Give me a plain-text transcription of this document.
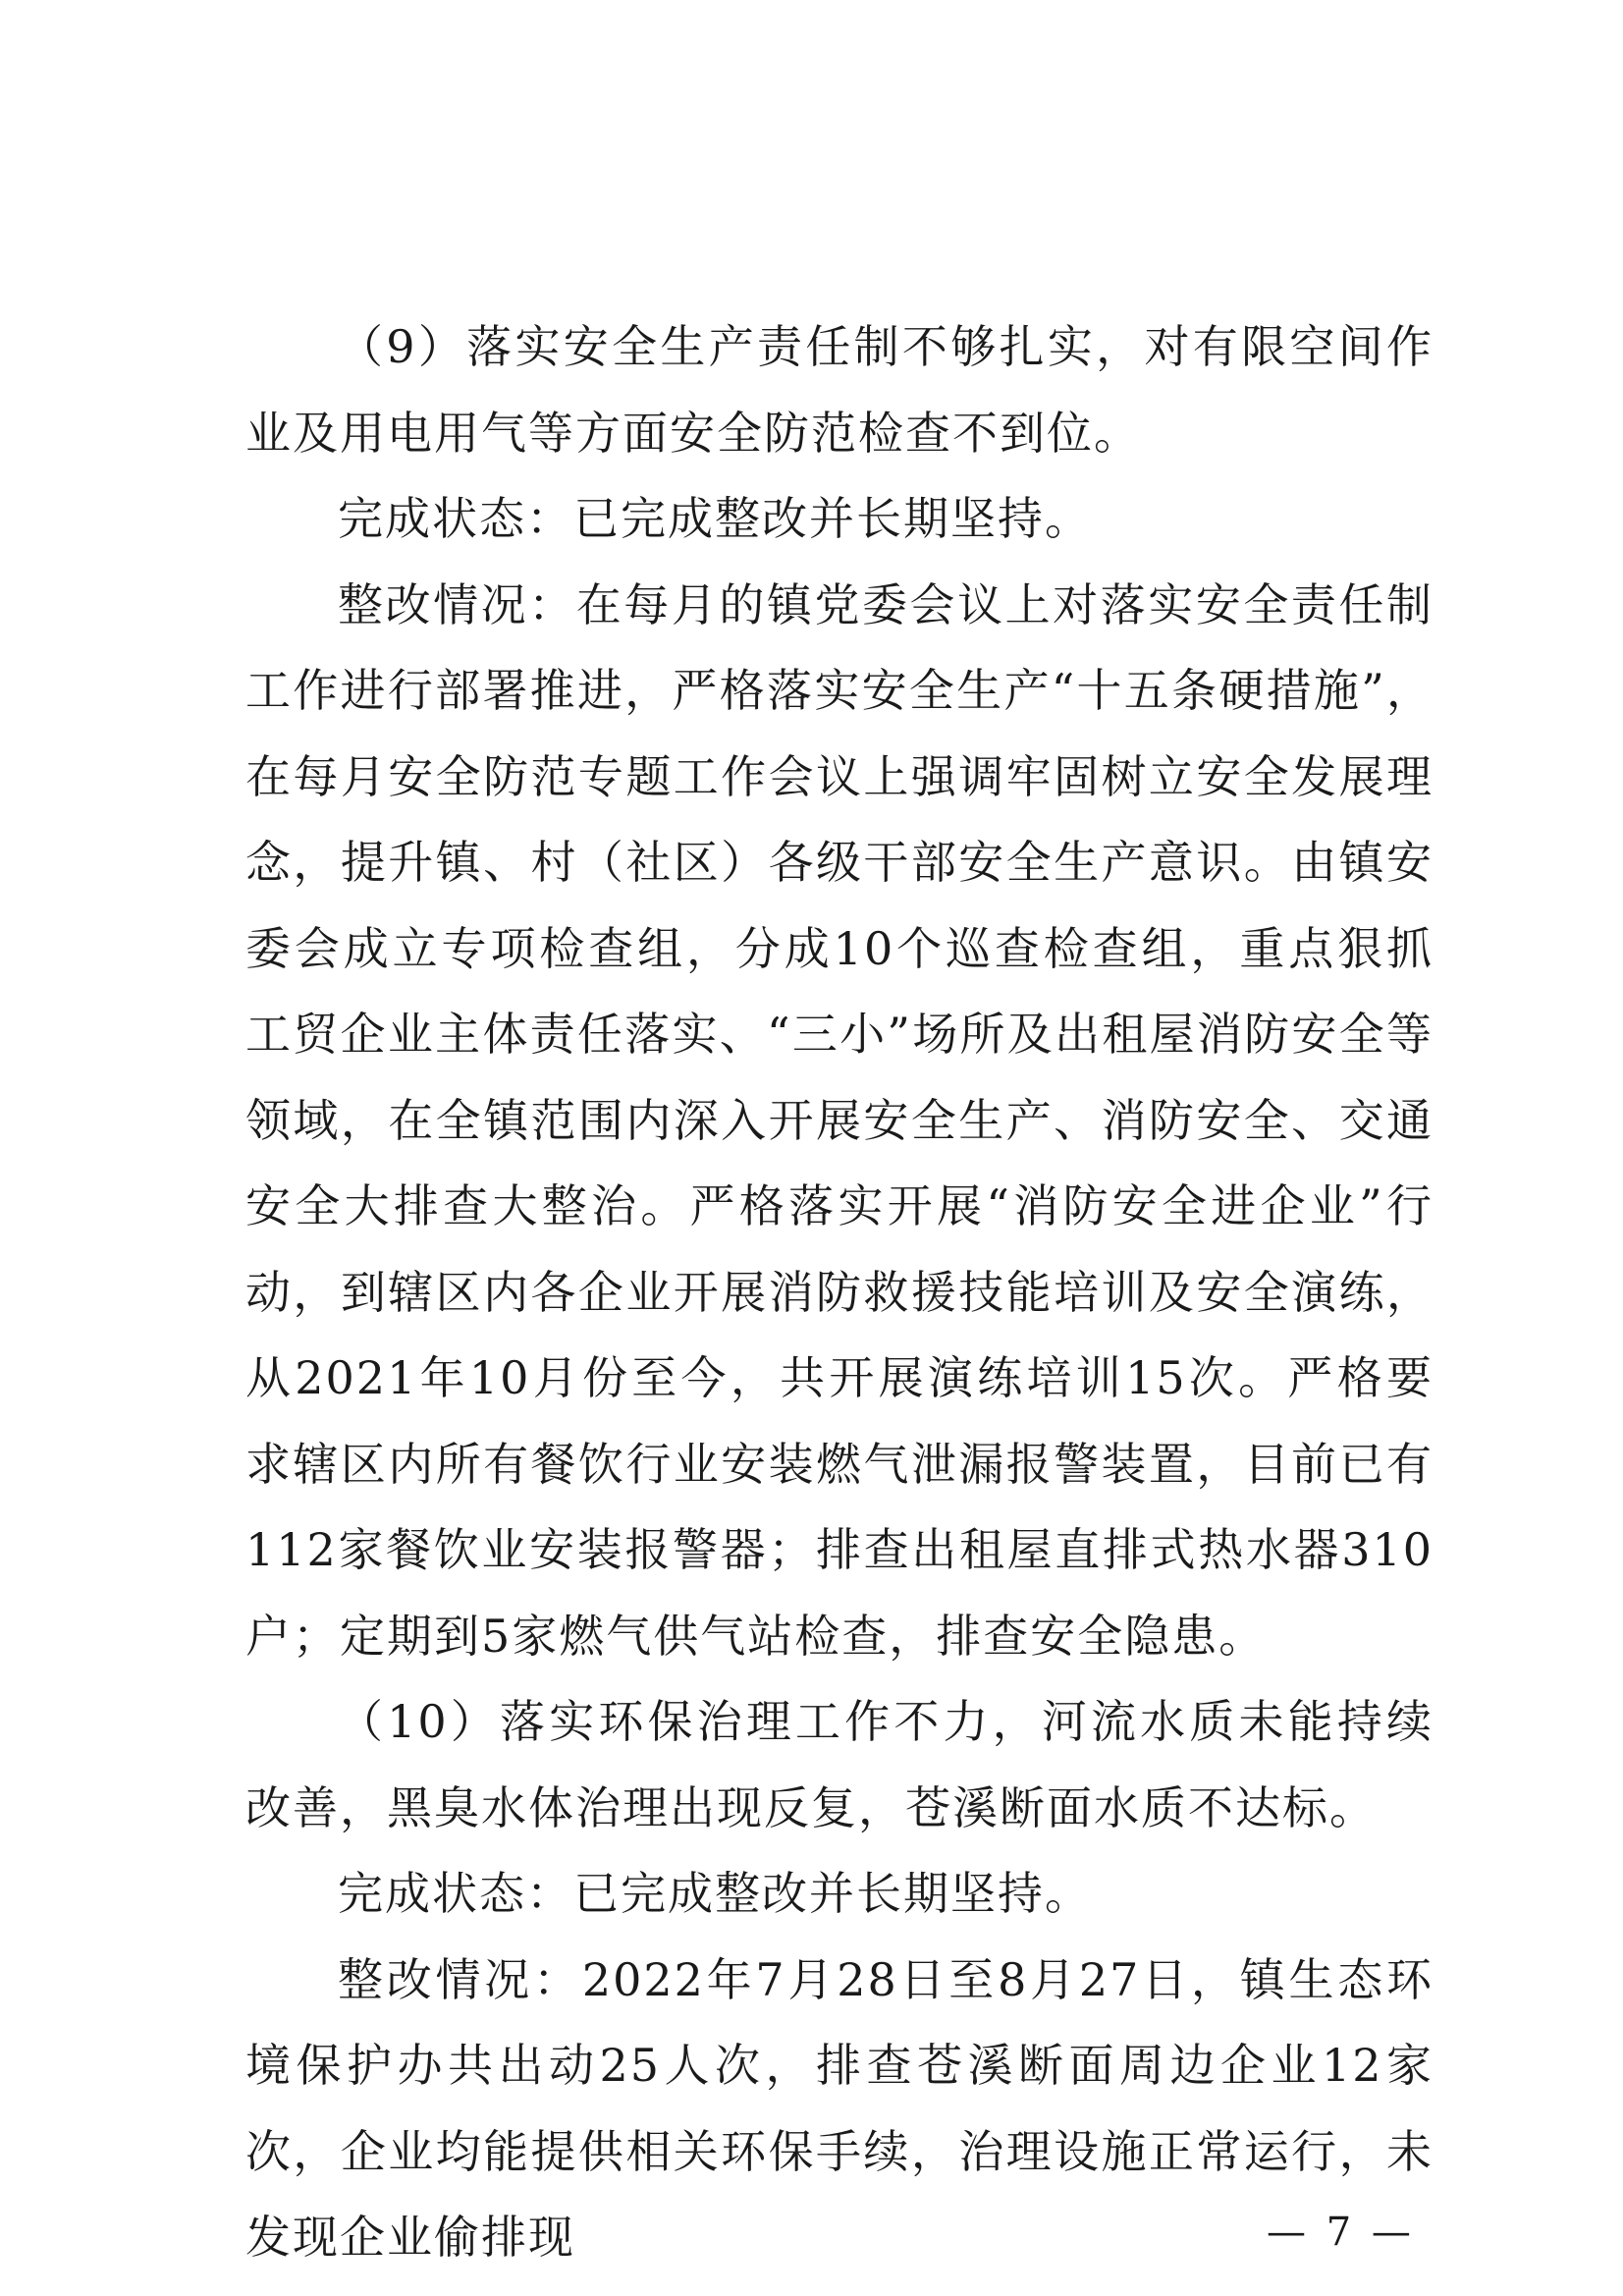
（9）落实安全生产责任制不够扎实，对有限空间作业及用电用气等方面安全防范检查不到位。

完成状态：已完成整改并长期坚持。

整改情况：在每月的镇党委会议上对落实安全责任制工作进行部署推进，严格落实安全生产“十五条硬措施”，在每月安全防范专题工作会议上强调牢固树立安全发展理念，提升镇、村（社区）各级干部安全生产意识。由镇安委会成立专项检查组，分成10个巡查检查组，重点狠抓工贸企业主体责任落实、“三小”场所及出租屋消防安全等领域，在全镇范围内深入开展安全生产、消防安全、交通安全大排查大整治。严格落实开展“消防安全进企业”行动，到辖区内各企业开展消防救援技能培训及安全演练，从2021年10月份至今，共开展演练培训15次。严格要求辖区内所有餐饮行业安装燃气泄漏报警装置，目前已有112家餐饮业安装报警器；排查出租屋直排式热水器310户；定期到5家燃气供气站检查，排查安全隐患。

（10）落实环保治理工作不力，河流水质未能持续改善，黑臭水体治理出现反复，苍溪断面水质不达标。

完成状态：已完成整改并长期坚持。

整改情况：2022年7月28日至8月27日，镇生态环境保护办共出动25人次，排查苍溪断面周边企业12家次，企业均能提供相关环保手续，治理设施正常运行，未发现企业偷排现	— 7 —
